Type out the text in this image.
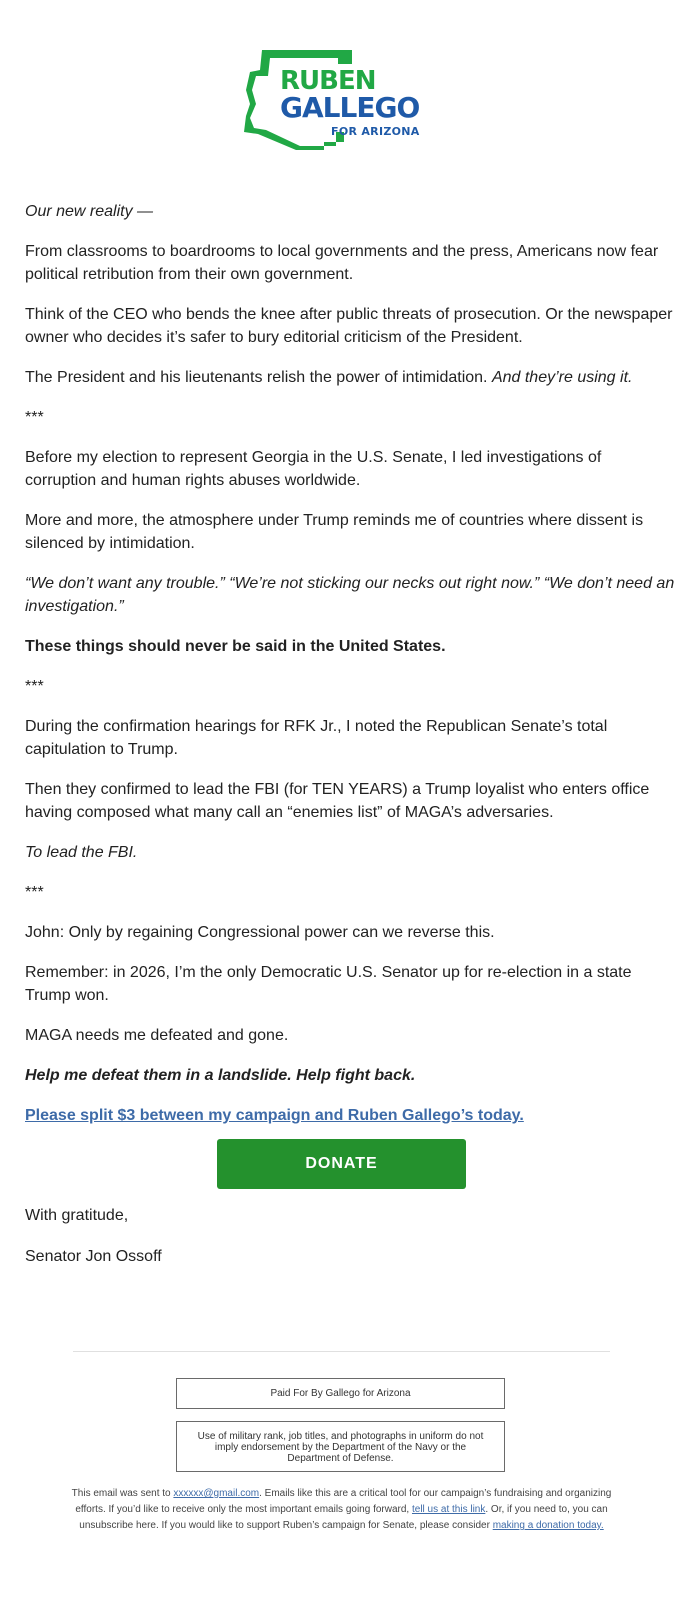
RUBEN
GALLEGO
FOR ARIZONA

Our new reality —

From classrooms to boardrooms to local governments and the press, Americans now fear political retribution from their own government.

Think of the CEO who bends the knee after public threats of prosecution. Or the newspaper owner who decides it’s safer to bury editorial criticism of the President.

The President and his lieutenants relish the power of intimidation. And they’re using it.

***

Before my election to represent Georgia in the U.S. Senate, I led investigations of corruption and human rights abuses worldwide.

More and more, the atmosphere under Trump reminds me of countries where dissent is silenced by intimidation.

“We don’t want any trouble.” “We’re not sticking our necks out right now.” “We don’t need an investigation.”

These things should never be said in the United States.

***

During the confirmation hearings for RFK Jr., I noted the Republican Senate’s total capitulation to Trump.

Then they confirmed to lead the FBI (for TEN YEARS) a Trump loyalist who enters office having composed what many call an “enemies list” of MAGA’s adversaries.

To lead the FBI.

***

John: Only by regaining Congressional power can we reverse this.

Remember: in 2026, I’m the only Democratic U.S. Senator up for re-election in a state Trump won.

MAGA needs me defeated and gone.

Help me defeat them in a landslide. Help fight back.

Please split $3 between my campaign and Ruben Gallego’s today.

DONATE
With gratitude,
Senator Jon Ossoff
Paid For By Gallego for Arizona
Use of military rank, job titles, and photographs in uniform do not imply endorsement by the Department of the Navy or the Department of Defense.
This email was sent to xxxxxx@gmail.com. Emails like this are a critical tool for our campaign’s fundraising and organizing efforts. If you’d like to receive only the most important emails going forward, tell us at this link. Or, if you need to, you can unsubscribe here. If you would like to support Ruben’s campaign for Senate, please consider making a donation today.
